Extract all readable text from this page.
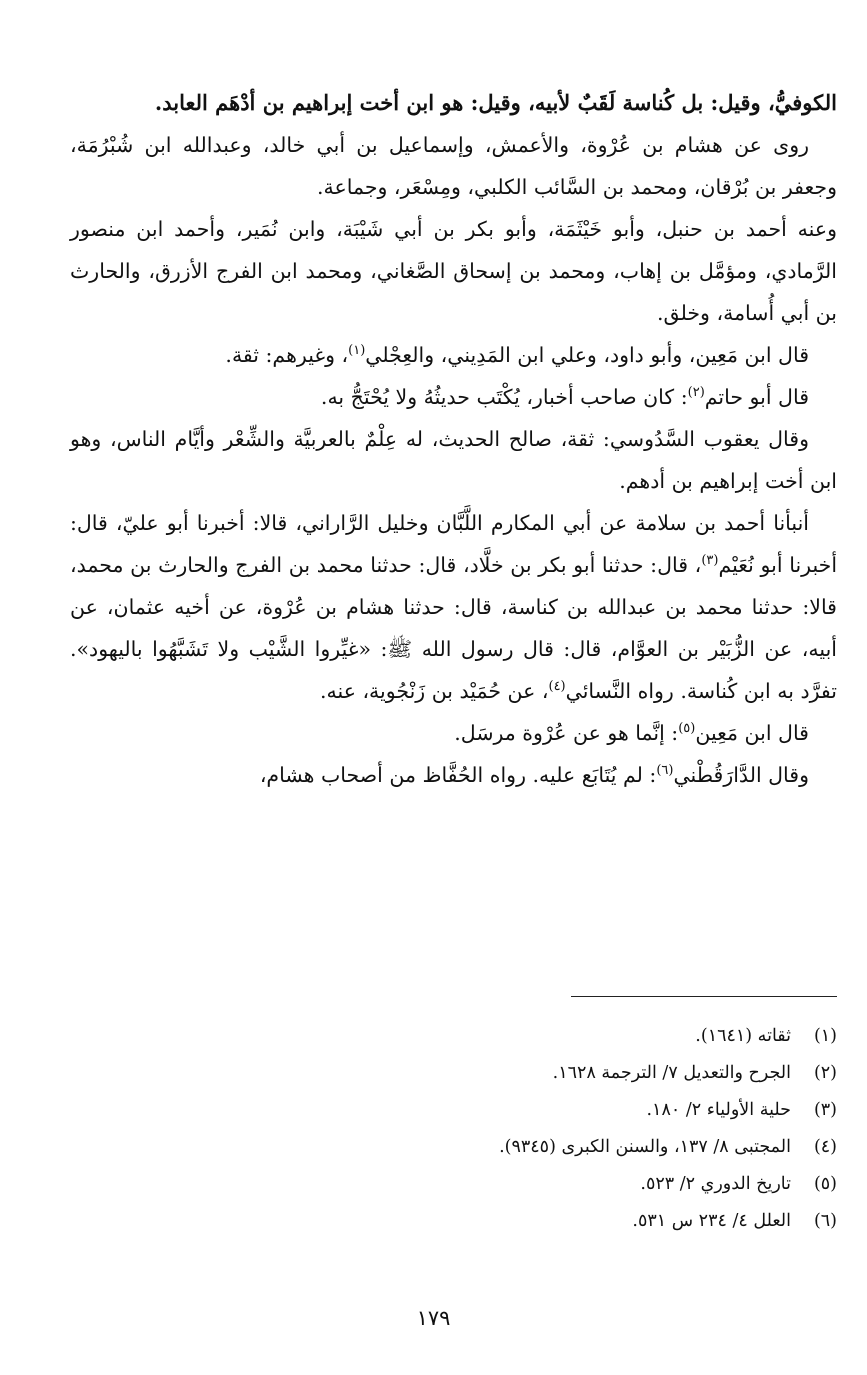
الكوفيُّ، وقيل: بل كُناسة لَقَبٌ لأبيه، وقيل: هو ابن أخت إبراهيم بن أدْهَم العابد.

روى عن هشام بن عُرْوة، والأعمش، وإسماعيل بن أبي خالد، وعبدالله ابن شُبْرُمَة، وجعفر بن بُرْقان، ومحمد بن السَّائب الكلبي، ومِسْعَر، وجماعة.

وعنه أحمد بن حنبل، وأبو خَيْثَمَة، وأبو بكر بن أبي شَيْبَة، وابن نُمَير، وأحمد ابن منصور الرَّمادي، ومؤمَّل بن إهاب، ومحمد بن إسحاق الصَّغاني، ومحمد ابن الفرج الأزرق، والحارث بن أبي أُسامة، وخلق.

قال ابن مَعِين، وأبو داود، وعلي ابن المَدِيني، والعِجْلي$^{(١)}$، وغيرهم: ثقة.

قال أبو حاتم$^{(٢)}$: كان صاحب أخبار، يُكْتَب حديثُهُ ولا يُحْتَجُّ به.

وقال يعقوب السَّدُوسي: ثقة، صالح الحديث، له عِلْمٌ بالعربيَّة والشِّعْر وأيَّام الناس، وهو ابن أخت إبراهيم بن أدهم.

أنبأنا أحمد بن سلامة عن أبي المكارم اللَّبَّان وخليل الرَّاراني، قالا: أخبرنا أبو عليّ، قال: أخبرنا أبو نُعَيْم$^{(٣)}$، قال: حدثنا أبو بكر بن خلَّاد، قال: حدثنا محمد بن الفرج والحارث بن محمد، قالا: حدثنا محمد بن عبدالله بن كناسة، قال: حدثنا هشام بن عُرْوة، عن أخيه عثمان، عن أبيه، عن الزُّبَيْر بن العوَّام، قال: قال رسول الله ﷺ: «غيِّروا الشَّيْب ولا تَشَبَّهُوا باليهود». تفرَّد به ابن كُناسة. رواه النَّسائي$^{(٤)}$، عن حُمَيْد بن زَنْجُوية، عنه.

قال ابن مَعِين$^{(٥)}$: إنَّما هو عن عُرْوة مرسَل.

وقال الدَّارَقُطْني$^{(٦)}$: لم يُتَابَع عليه. رواه الحُفَّاظ من أصحاب هشام،

(١)ثقاته (١٦٤١).
(٢)الجرح والتعديل ٧/ الترجمة ١٦٢٨.
(٣)حلية الأولياء ٢/ ١٨٠.
(٤)المجتبى ٨/ ١٣٧، والسنن الكبرى (٩٣٤٥).
(٥)تاريخ الدوري ٢/ ٥٢٣.
(٦)العلل ٤/ ٢٣٤ س ٥٣١.
١٧٩
